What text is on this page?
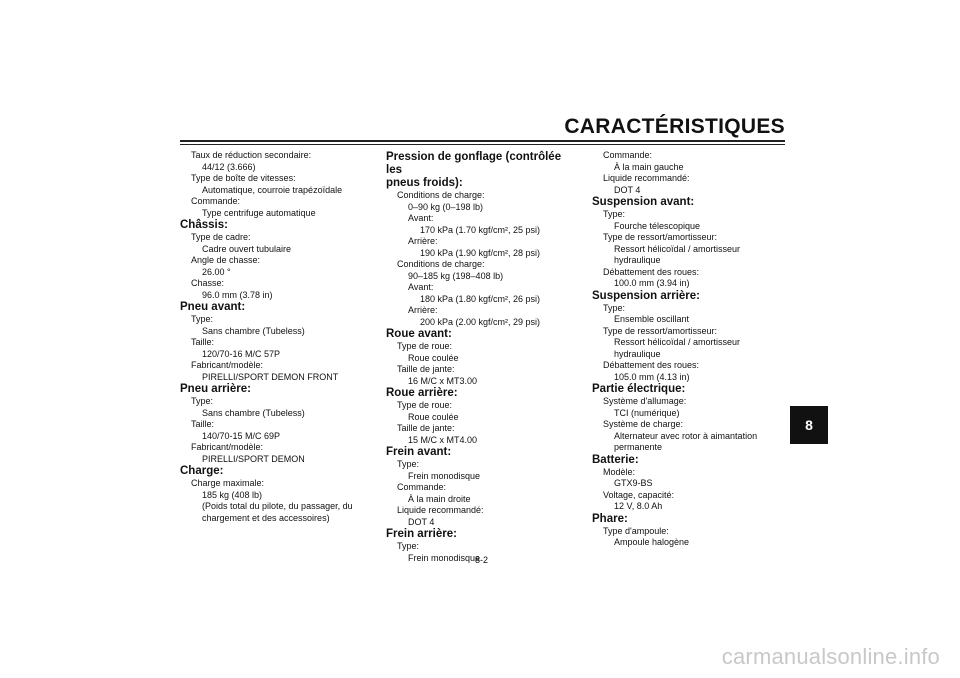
CARACTÉRISTIQUES
8
Taux de réduction secondaire:
44/12 (3.666)
Type de boîte de vitesses:
Automatique, courroie trapézoïdale
Commande:
Type centrifuge automatique
Châssis:
Type de cadre:
Cadre ouvert tubulaire
Angle de chasse:
26.00 °
Chasse:
96.0 mm (3.78 in)
Pneu avant:
Type:
Sans chambre (Tubeless)
Taille:
120/70-16 M/C 57P
Fabricant/modèle:
PIRELLI/SPORT DEMON FRONT
Pneu arrière:
Type:
Sans chambre (Tubeless)
Taille:
140/70-15 M/C 69P
Fabricant/modèle:
PIRELLI/SPORT DEMON
Charge:
Charge maximale:
185 kg (408 lb)
(Poids total du pilote, du passager, du
chargement et des accessoires)
Pression de gonflage (contrôlée les
pneus froids):
Conditions de charge:
0–90 kg (0–198 lb)
Avant:
170 kPa (1.70 kgf/cm², 25 psi)
Arrière:
190 kPa (1.90 kgf/cm², 28 psi)
Conditions de charge:
90–185 kg (198–408 lb)
Avant:
180 kPa (1.80 kgf/cm², 26 psi)
Arrière:
200 kPa (2.00 kgf/cm², 29 psi)
Roue avant:
Type de roue:
Roue coulée
Taille de jante:
16 M/C x MT3.00
Roue arrière:
Type de roue:
Roue coulée
Taille de jante:
15 M/C x MT4.00
Frein avant:
Type:
Frein monodisque
Commande:
À la main droite
Liquide recommandé:
DOT 4
Frein arrière:
Type:
Frein monodisque
Commande:
À la main gauche
Liquide recommandé:
DOT 4
Suspension avant:
Type:
Fourche télescopique
Type de ressort/amortisseur:
Ressort hélicoïdal / amortisseur
hydraulique
Débattement des roues:
100.0 mm (3.94 in)
Suspension arrière:
Type:
Ensemble oscillant
Type de ressort/amortisseur:
Ressort hélicoïdal / amortisseur
hydraulique
Débattement des roues:
105.0 mm (4.13 in)
Partie électrique:
Système d'allumage:
TCI (numérique)
Système de charge:
Alternateur avec rotor à aimantation
permanente
Batterie:
Modèle:
GTX9-BS
Voltage, capacité:
12 V, 8.0 Ah
Phare:
Type d'ampoule:
Ampoule halogène
8-2
carmanualsonline.info
